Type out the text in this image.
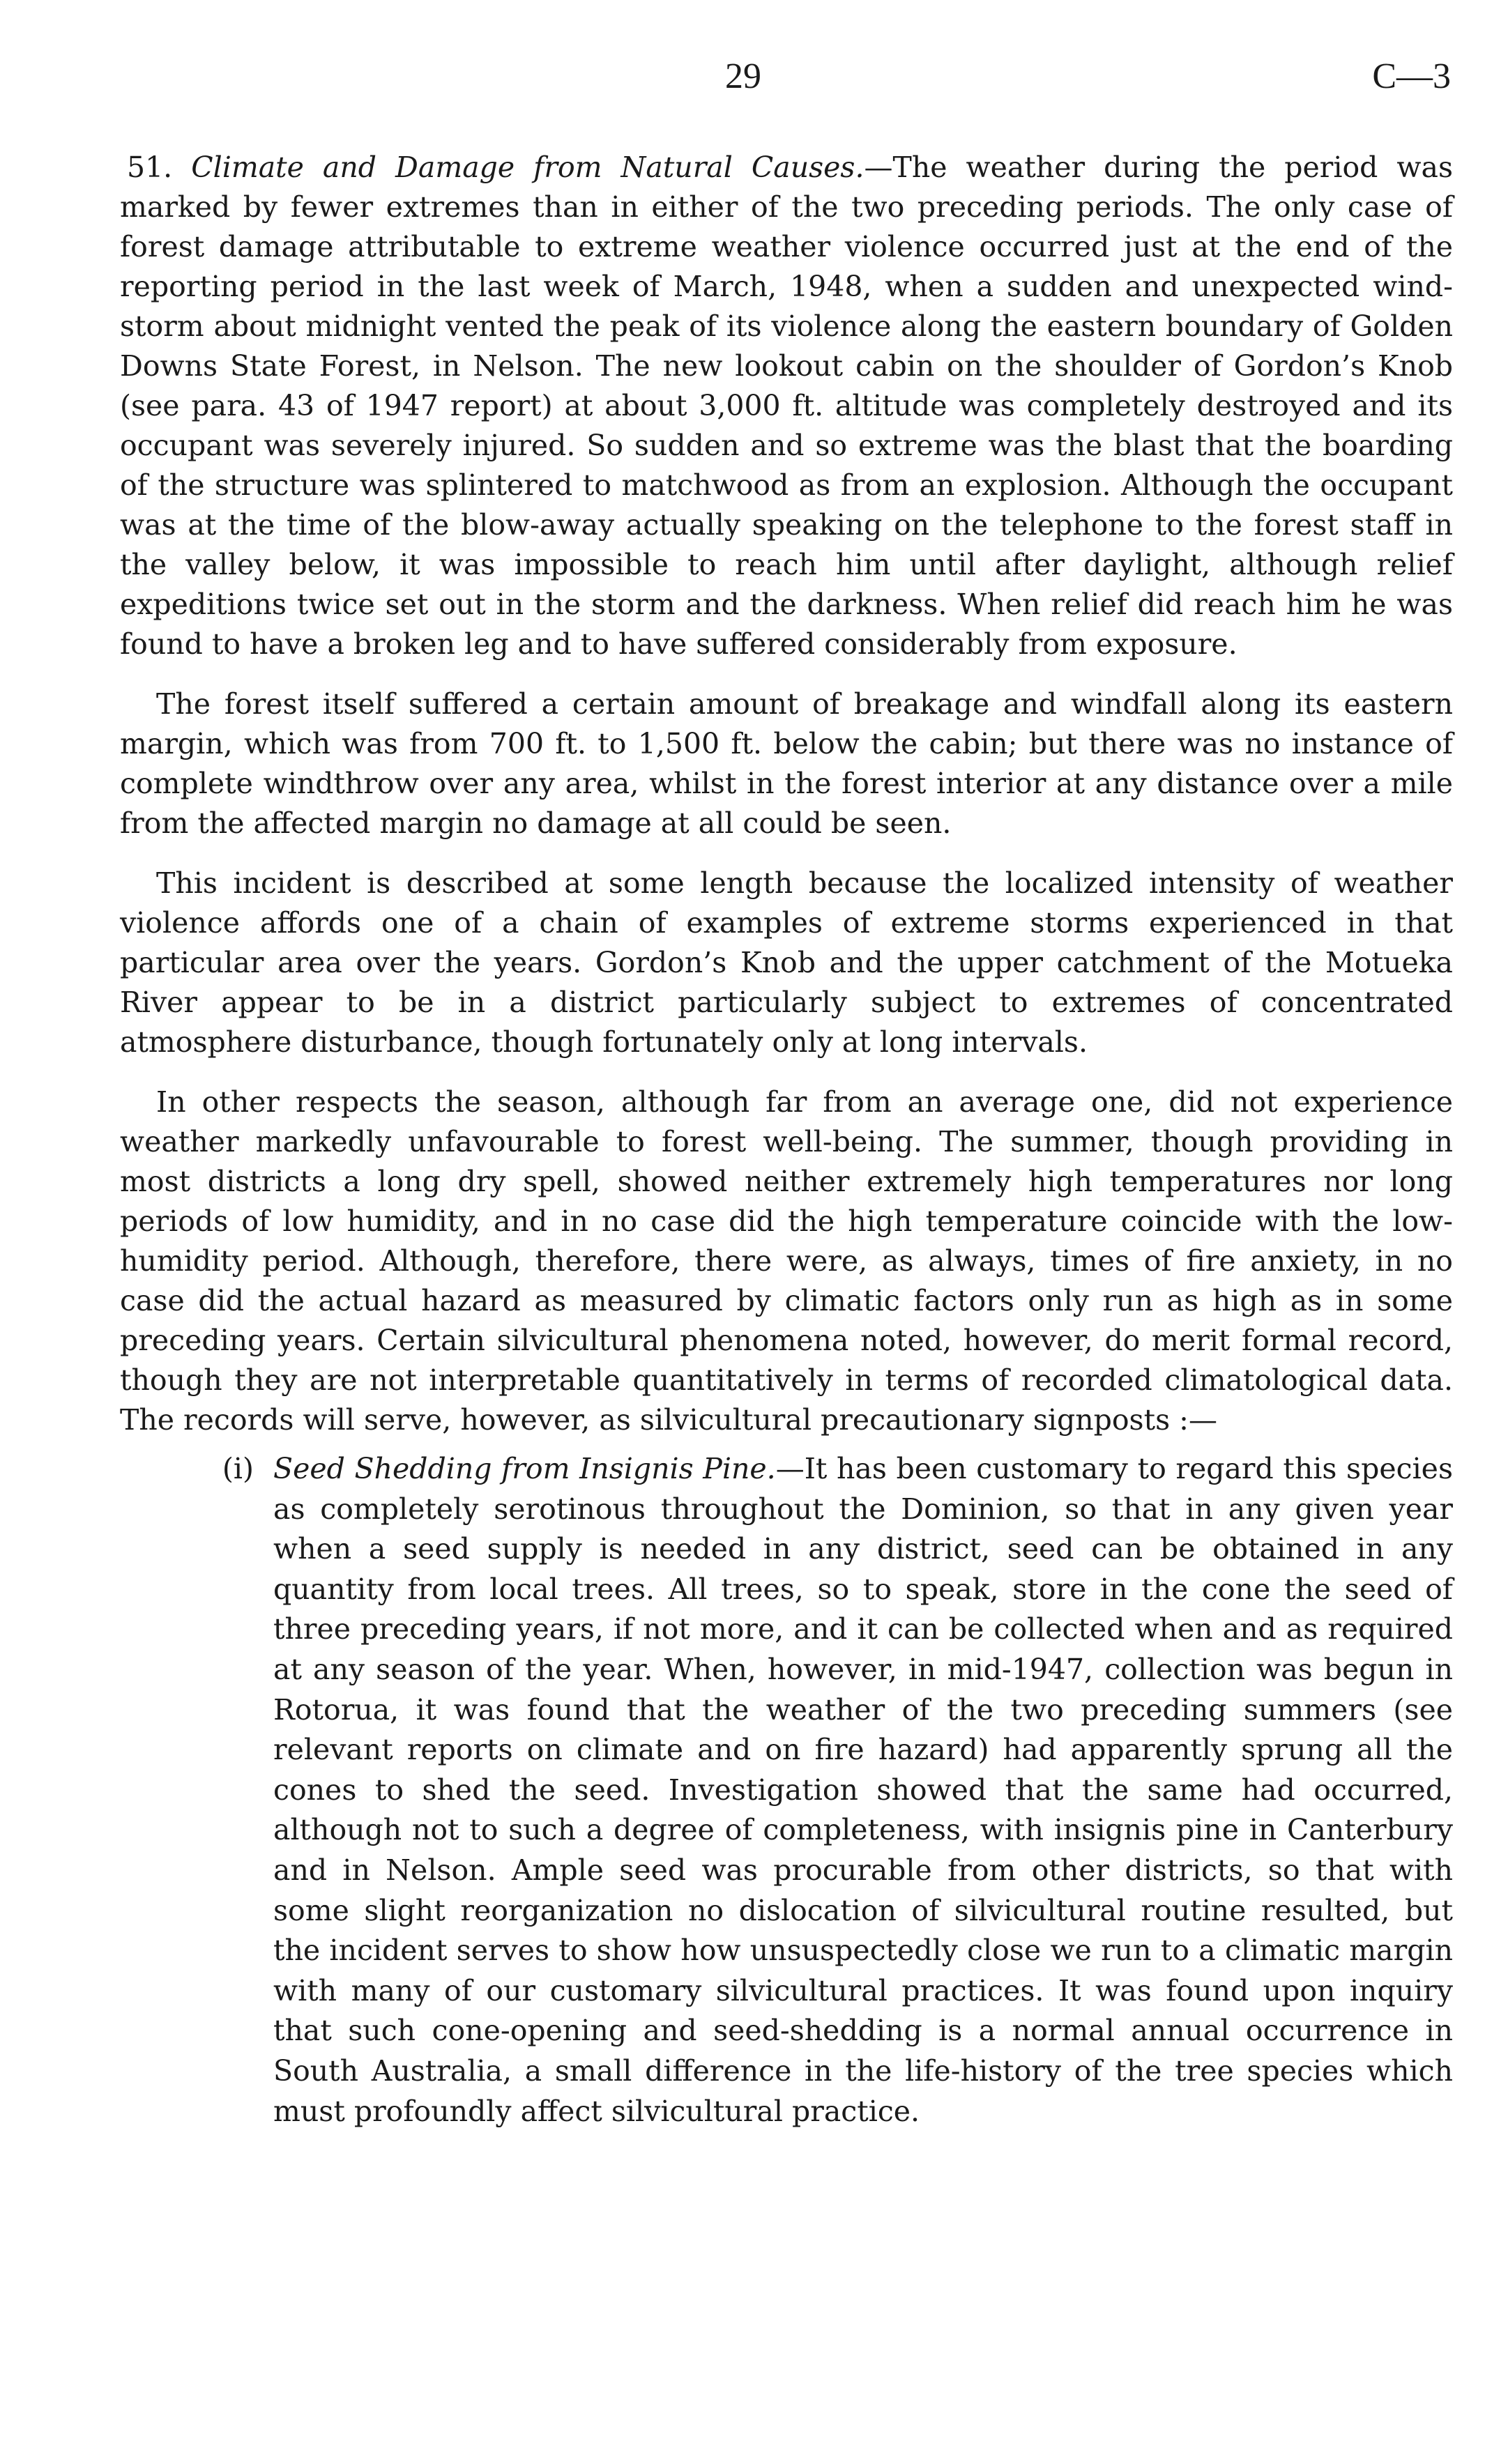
29	C—3

51. Climate and Damage from Natural Causes.—The weather during the period was marked by fewer extremes than in either of the two preceding periods. The only case of forest damage attributable to extreme weather violence occurred just at the end of the reporting period in the last week of March, 1948, when a sudden and unexpected wind-storm about midnight vented the peak of its violence along the eastern boundary of Golden Downs State Forest, in Nelson. The new lookout cabin on the shoulder of Gordon’s Knob (see para. 43 of 1947 report) at about 3,000 ft. altitude was completely destroyed and its occupant was severely injured. So sudden and so extreme was the blast that the boarding of the structure was splintered to matchwood as from an explosion. Although the occupant was at the time of the blow-away actually speaking on the telephone to the forest staff in the valley below, it was impossible to reach him until after daylight, although relief expeditions twice set out in the storm and the darkness. When relief did reach him he was found to have a broken leg and to have suffered considerably from exposure.

The forest itself suffered a certain amount of breakage and windfall along its eastern margin, which was from 700 ft. to 1,500 ft. below the cabin; but there was no instance of complete windthrow over any area, whilst in the forest interior at any distance over a mile from the affected margin no damage at all could be seen.

This incident is described at some length because the localized intensity of weather violence affords one of a chain of examples of extreme storms experienced in that particular area over the years. Gordon’s Knob and the upper catchment of the Motueka River appear to be in a district particularly subject to extremes of concentrated atmosphere disturbance, though fortunately only at long intervals.

In other respects the season, although far from an average one, did not experience weather markedly unfavourable to forest well-being. The summer, though providing in most districts a long dry spell, showed neither extremely high temperatures nor long periods of low humidity, and in no case did the high temperature coincide with the low-humidity period. Although, therefore, there were, as always, times of fire anxiety, in no case did the actual hazard as measured by climatic factors only run as high as in some preceding years. Certain silvicultural phenomena noted, however, do merit formal record, though they are not interpretable quantitatively in terms of recorded climatological data. The records will serve, however, as silvicultural precautionary signposts :—

(i) Seed Shedding from Insignis Pine.—It has been customary to regard this species as completely serotinous throughout the Dominion, so that in any given year when a seed supply is needed in any district, seed can be obtained in any quantity from local trees. All trees, so to speak, store in the cone the seed of three preceding years, if not more, and it can be collected when and as required at any season of the year. When, however, in mid-1947, collection was begun in Rotorua, it was found that the weather of the two preceding summers (see relevant reports on climate and on fire hazard) had apparently sprung all the cones to shed the seed. Investigation showed that the same had occurred, although not to such a degree of completeness, with insignis pine in Canterbury and in Nelson. Ample seed was procurable from other districts, so that with some slight reorganization no dislocation of silvicultural routine resulted, but the incident serves to show how unsuspectedly close we run to a climatic margin with many of our customary silvicultural practices. It was found upon inquiry that such cone-opening and seed-shedding is a normal annual occurrence in South Australia, a small difference in the life-history of the tree species which must profoundly affect silvicultural practice.
